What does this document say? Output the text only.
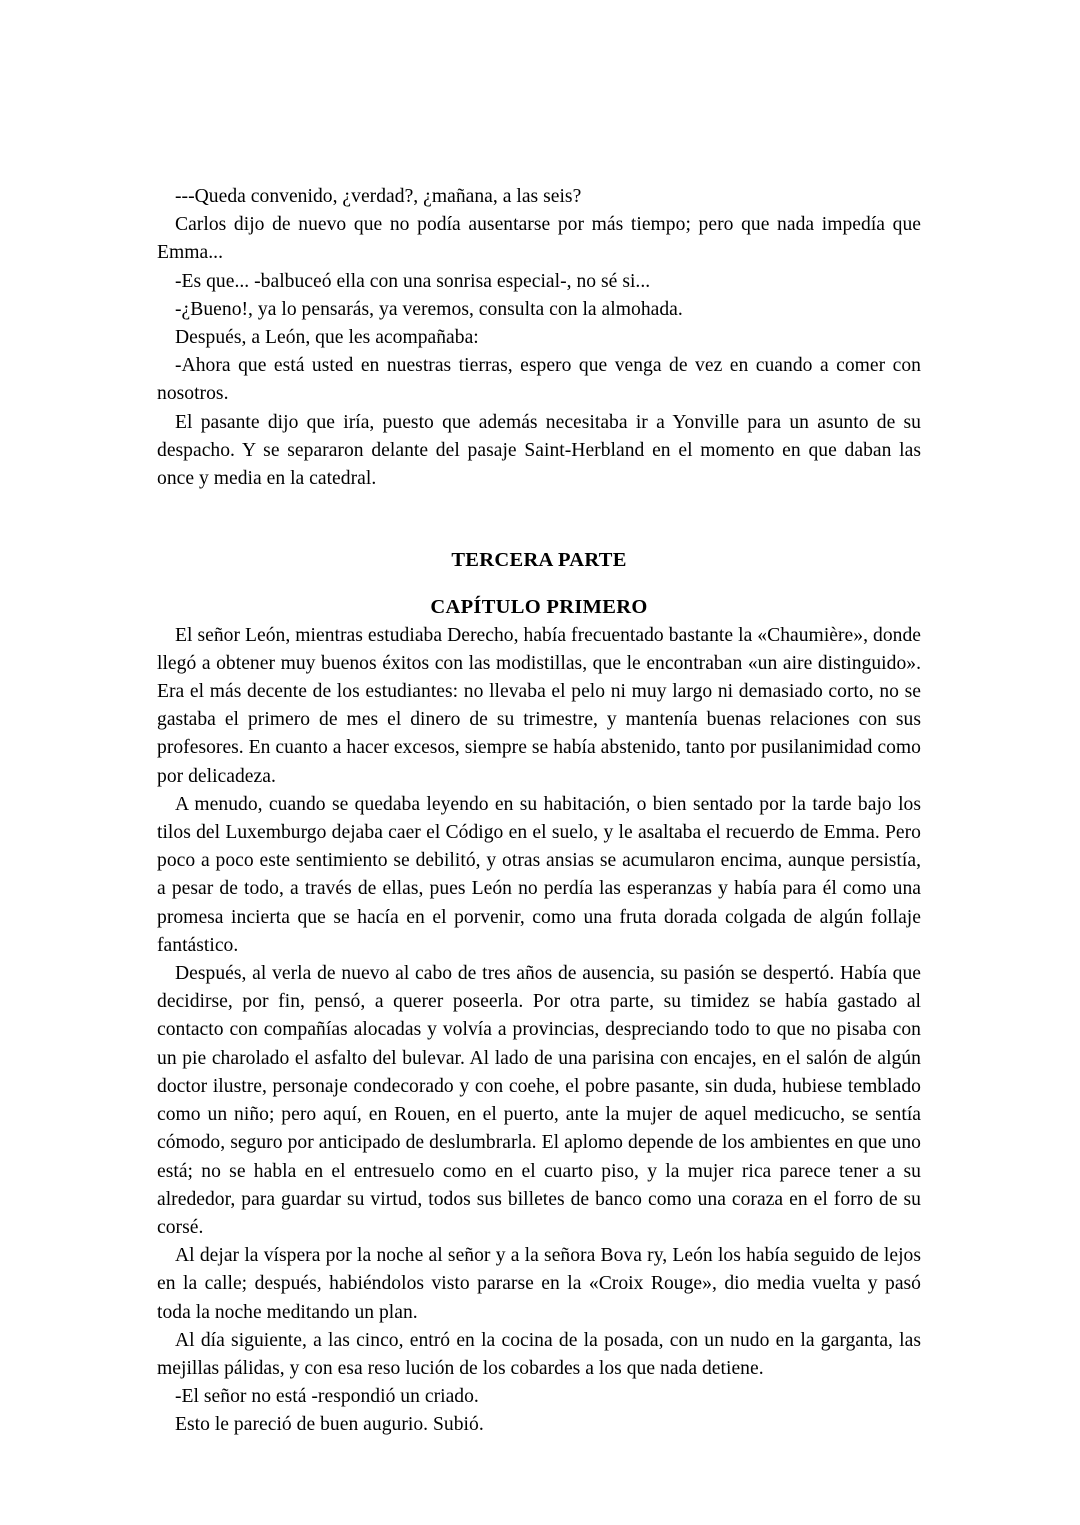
---Queda convenido, ¿verdad?, ¿mañana, a las seis?

Carlos dijo de nuevo que no podía ausentarse por más tiempo; pero que nada impedía que Emma...

-Es que... -balbuceó ella con una sonrisa especial-, no sé si...

-¿Bueno!, ya lo pensarás, ya veremos, consulta con la almohada.

Después, a León, que les acompañaba:

-Ahora que está usted en nuestras tierras, espero que venga de vez en cuando a comer con nosotros.

El pasante dijo que iría, puesto que además necesitaba ir a Yonville para un asunto de su despacho. Y se separaron delante del pasaje Saint-Herbland en el momento en que daban las once y media en la catedral.

TERCERA PARTE
CAPÍTULO PRIMERO

El señor León, mientras estudiaba Derecho, había frecuentado bastante la «Chaumière», donde llegó a obtener muy buenos éxitos con las modistillas, que le encontraban «un aire distinguido». Era el más decente de los estudiantes: no llevaba el pelo ni muy largo ni demasiado corto, no se gastaba el primero de mes el dinero de su trimestre, y mantenía buenas relaciones con sus profesores. En cuanto a hacer excesos, siempre se había abstenido, tanto por pusilanimidad como por delicadeza.

A menudo, cuando se quedaba leyendo en su habitación, o bien sentado por la tarde bajo los tilos del Luxemburgo dejaba caer el Código en el suelo, y le asaltaba el recuerdo de Emma. Pero poco a poco este sentimiento se debilitó, y otras ansias se acumularon encima, aunque persistía, a pesar de todo, a través de ellas, pues León no perdía las esperanzas y había para él como una promesa incierta que se hacía en el porvenir, como una fruta dorada colgada de algún follaje fantástico.

Después, al verla de nuevo al cabo de tres años de ausencia, su pasión se despertó. Había que decidirse, por fin, pensó, a querer poseerla. Por otra parte, su timidez se había gastado al contacto con compañías alocadas y volvía a provincias, despreciando todo to que no pisaba con un pie charolado el asfalto del bulevar. Al lado de una parisina con encajes, en el salón de algún doctor ilustre, personaje condecorado y con coehe, el pobre pasante, sin duda, hubiese temblado como un niño; pero aquí, en Rouen, en el puerto, ante la mujer de aquel medicucho, se sentía cómodo, seguro por anticipado de deslumbrarla. El aplomo depende de los ambientes en que uno está; no se habla en el entresuelo como en el cuarto piso, y la mujer rica parece tener a su alrededor, para guardar su virtud, todos sus billetes de banco como una coraza en el forro de su corsé.

Al dejar la víspera por la noche al señor y a la señora Bova ry, León los había seguido de lejos en la calle; después, habiéndolos visto pararse en la «Croix Rouge», dio media vuelta y pasó toda la noche meditando un plan.

Al día siguiente, a las cinco, entró en la cocina de la posada, con un nudo en la garganta, las mejillas pálidas, y con esa reso lución de los cobardes a los que nada detiene.

-El señor no está -respondió un criado.

Esto le pareció de buen augurio. Subió.
